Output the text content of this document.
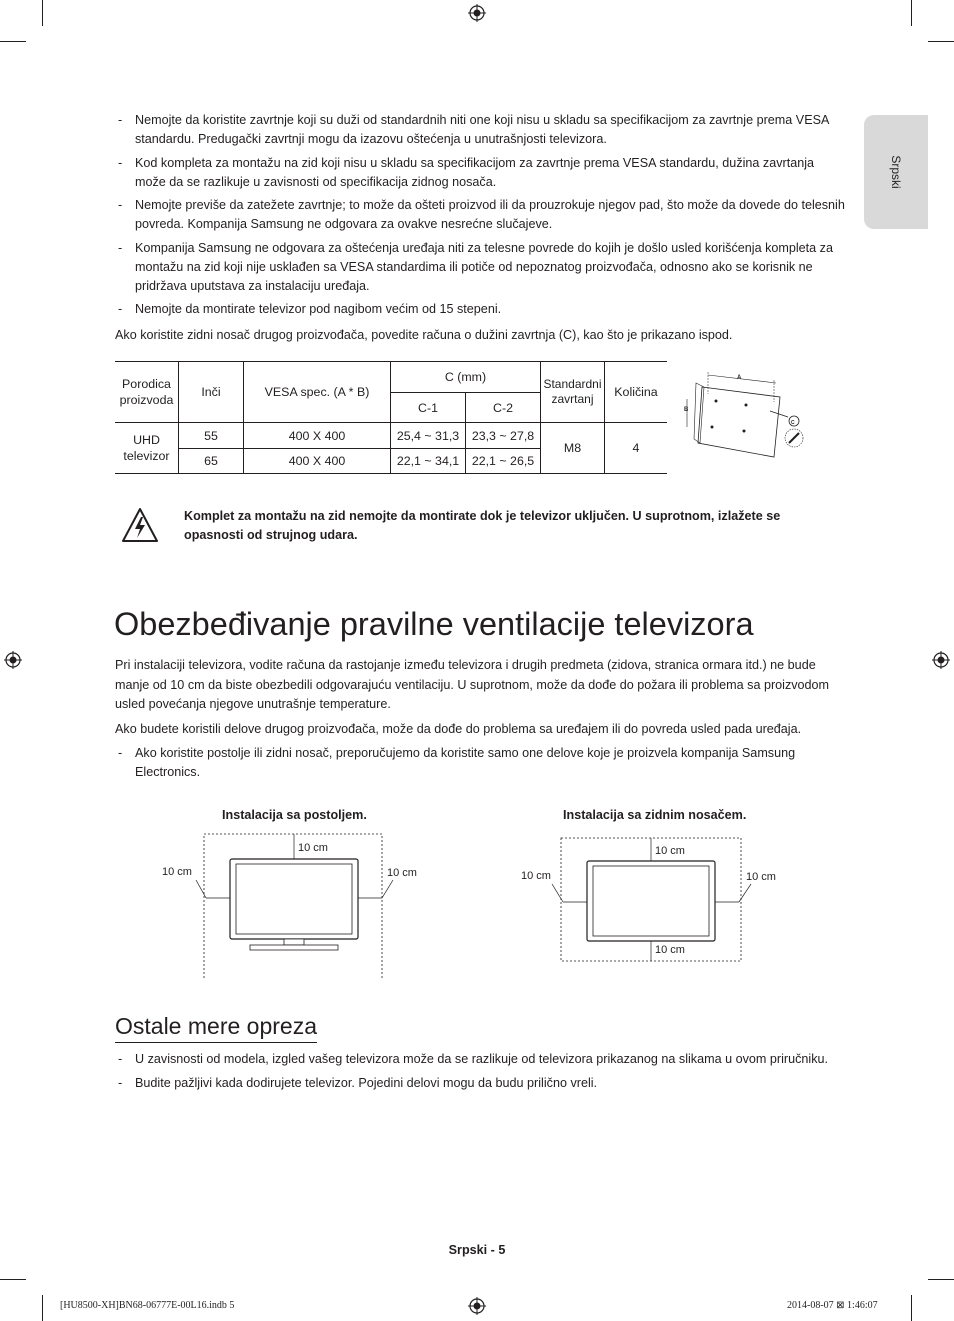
Srpski
- Nemojte da koristite zavrtnje koji su duži od standardnih niti one koji nisu u skladu sa specifikacijom za zavrtnje prema VESA standardu. Predugački zavrtnji mogu da izazovu oštećenja u unutrašnjosti televizora.
- Kod kompleta za montažu na zid koji nisu u skladu sa specifikacijom za zavrtnje prema VESA standardu, dužina zavrtanja može da se razlikuje u zavisnosti od specifikacija zidnog nosača.
- Nemojte previše da zatežete zavrtnje; to može da ošteti proizvod ili da prouzrokuje njegov pad, što može da dovede do telesnih povreda. Kompanija Samsung ne odgovara za ovakve nesrećne slučajeve.
- Kompanija Samsung ne odgovara za oštećenja uređaja niti za telesne povrede do kojih je došlo usled korišćenja kompleta za montažu na zid koji nije usklađen sa VESA standardima ili potiče od nepoznatog proizvođača, odnosno ako se korisnik ne pridržava uputstava za instalaciju uređaja.
- Nemojte da montirate televizor pod nagibom većim od 15 stepeni.

Ako koristite zidni nosač drugog proizvođača, povedite računa o dužini zavrtnja (C), kao što je prikazano ispod.

Porodica proizvoda	Inči	VESA spec. (A * B)	C (mm)		Standardni zavrtanj	Količina
			C-1	C-2		
UHD televizor	55	400 X 400	25,4 ~ 31,3	23,3 ~ 27,8	M8	4
	65	400 X 400	22,1 ~ 34,1	22,1 ~ 26,5		
A
B
C
Komplet za montažu na zid nemojte da montirate dok je televizor uključen. U suprotnom, izlažete se opasnosti od strujnog udara.
Obezbeđivanje pravilne ventilacije televizora

Pri instalaciji televizora, vodite računa da rastojanje između televizora i drugih predmeta (zidova, stranica ormara itd.) ne bude manje od 10 cm da biste obezbedili odgovarajuću ventilaciju. U suprotnom, može da dođe do požara ili problema sa proizvodom usled povećanja njegove unutrašnje temperature.

Ako budete koristili delove drugog proizvođača, može da dođe do problema sa uređajem ili do povreda usled pada uređaja.

- Ako koristite postolje ili zidni nosač, preporučujemo da koristite samo one delove koje je proizvela kompanija Samsung Electronics.
Instalacija sa postoljem.
10 cm
10 cm	10 cm
Instalacija sa zidnim nosačem.
10 cm
10 cm
10 cm	10 cm
Ostale mere opreza
- U zavisnosti od modela, izgled vašeg televizora može da se razlikuje od televizora prikazanog na slikama u ovom priručniku.
- Budite pažljivi kada dodirujete televizor. Pojedini delovi mogu da budu prilično vreli.
Srpski - 5
[HU8500-XH]BN68-06777E-00L16.indb 5	2014-08-07 ⊠ 1:46:07
